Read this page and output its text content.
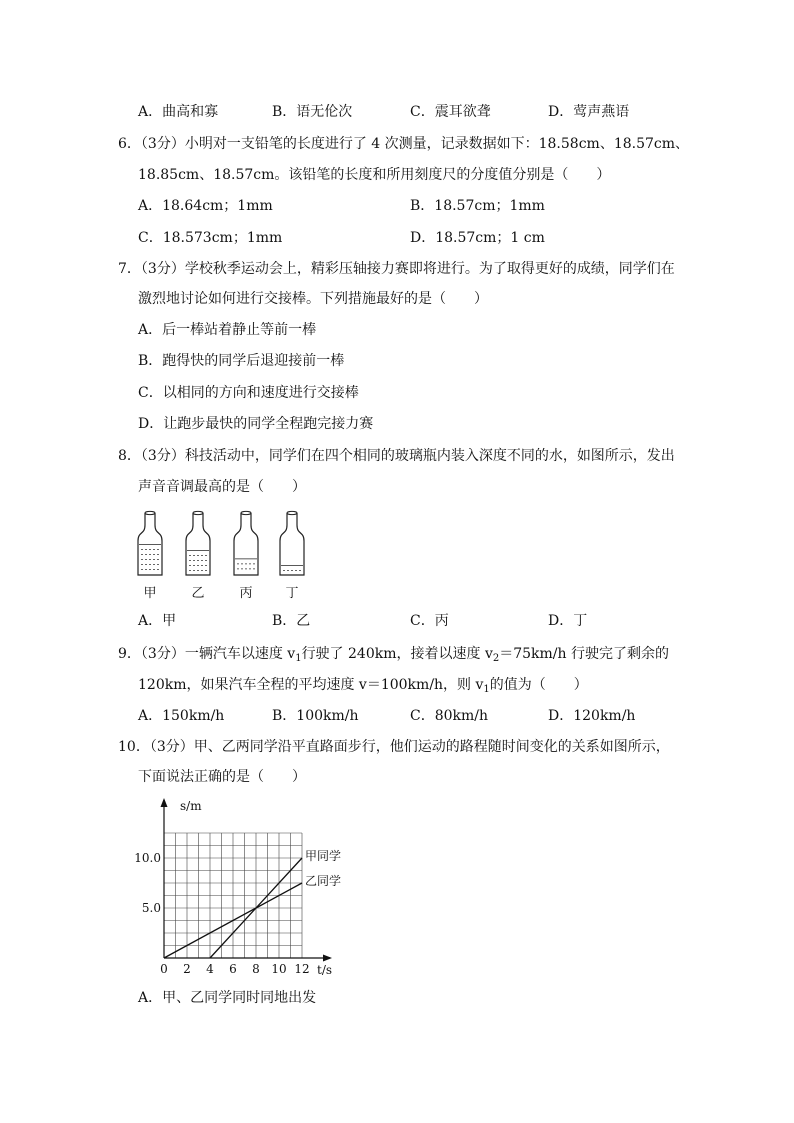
A．曲高和寡	B．语无伦次	C．震耳欲聋	D．莺声燕语
6．（3分）小明对一支铅笔的长度进行了 4 次测量，记录数据如下：18.58cm、18.57cm、
18.85cm、18.57cm。该铅笔的长度和所用刻度尺的分度值分别是（　　）
A．18.64cm；1mm	B．18.57cm；1mm
C．18.573cm；1mm	D．18.57cm；1 cm
7．（3分）学校秋季运动会上，精彩压轴接力赛即将进行。为了取得更好的成绩，同学们在
激烈地讨论如何进行交接棒。下列措施最好的是（　　）
A．后一棒站着静止等前一棒
B．跑得快的同学后退迎接前一棒
C．以相同的方向和速度进行交接棒
D．让跑步最快的同学全程跑完接力赛
8．（3分）科技活动中，同学们在四个相同的玻璃瓶内装入深度不同的水，如图所示，发出
声音音调最高的是（　　）
甲	乙	丙	丁
A．甲	B．乙	C．丙	D．丁
9．（3分）一辆汽车以速度 $v_1$行驶了 240km，接着以速度 $v_2=75km/h$ 行驶完了剩余的
120km，如果汽车全程的平均速度 v＝100km/h，则 $v_1$的值为（　　）
A．150km/h	B．100km/h	C．80km/h	D．120km/h
10．（3分）甲、乙两同学沿平直路面步行，他们运动的路程随时间变化的关系如图所示，
下面说法正确的是（　　）
0 2 4 6 8 10 12
5.0
10.0
s/m
t/s
甲同学
乙同学
A．甲、乙同学同时同地出发
